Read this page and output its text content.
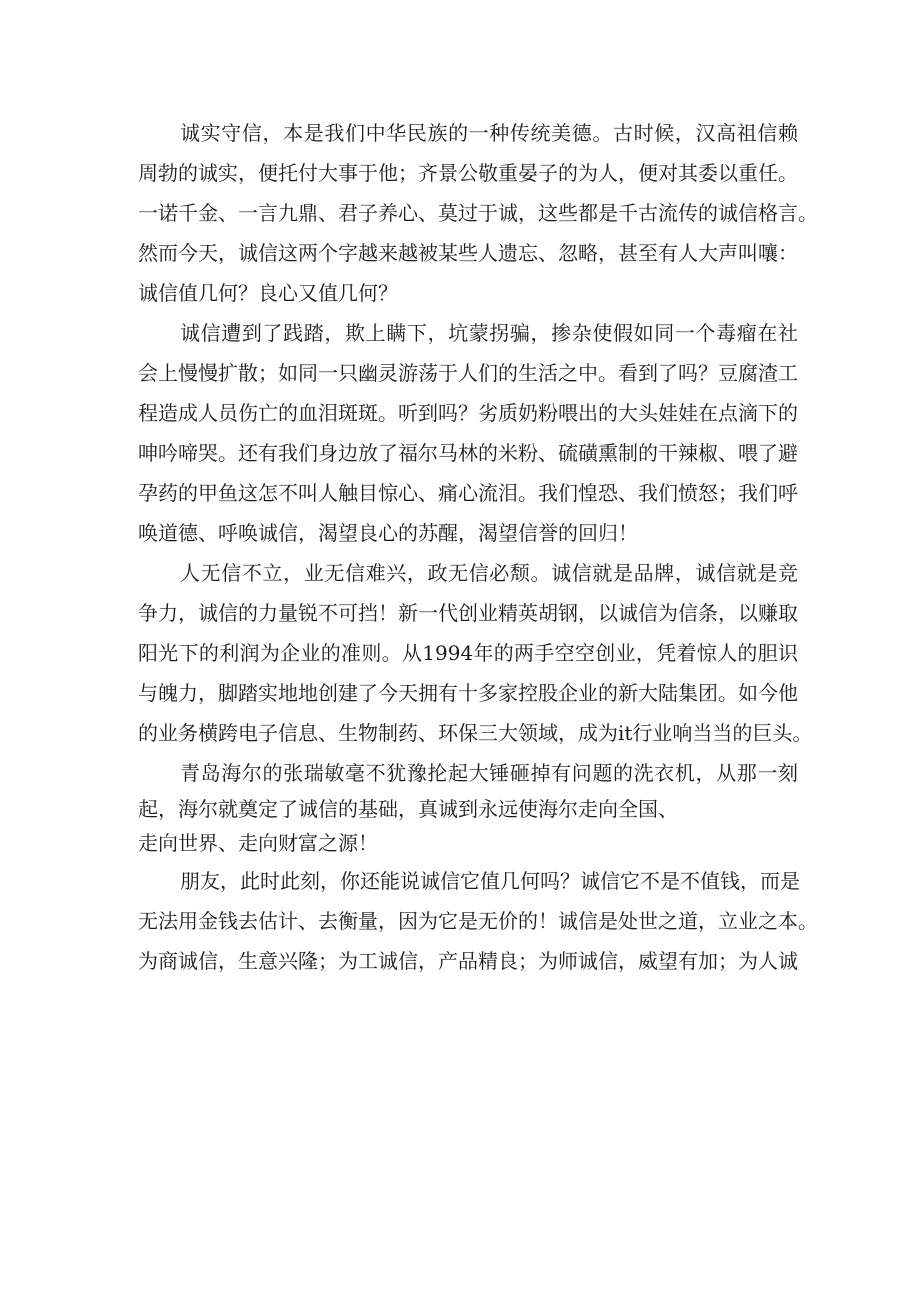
诚实守信，本是我们中华民族的一种传统美德。古时候，汉高祖信赖
周勃的诚实，便托付大事于他；齐景公敬重晏子的为人，便对其委以重任。
一诺千金、一言九鼎、君子养心、莫过于诚，这些都是千古流传的诚信格言。
然而今天，诚信这两个字越来越被某些人遗忘、忽略，甚至有人大声叫嚷：
诚信值几何？良心又值几何？
诚信遭到了践踏，欺上瞒下，坑蒙拐骗，掺杂使假如同一个毒瘤在社
会上慢慢扩散；如同一只幽灵游荡于人们的生活之中。看到了吗？豆腐渣工
程造成人员伤亡的血泪斑斑。听到吗？劣质奶粉喂出的大头娃娃在点滴下的
呻吟啼哭。还有我们身边放了福尔马林的米粉、硫磺熏制的干辣椒、喂了避
孕药的甲鱼这怎不叫人触目惊心、痛心流泪。我们惶恐、我们愤怒；我们呼
唤道德、呼唤诚信，渴望良心的苏醒，渴望信誉的回归！
人无信不立，业无信难兴，政无信必颓。诚信就是品牌，诚信就是竞
争力，诚信的力量锐不可挡！新一代创业精英胡钢，以诚信为信条，以赚取
阳光下的利润为企业的准则。从1994年的两手空空创业，凭着惊人的胆识
与魄力，脚踏实地地创建了今天拥有十多家控股企业的新大陆集团。如今他
的业务横跨电子信息、生物制药、环保三大领域，成为it行业响当当的巨头。
青岛海尔的张瑞敏毫不犹豫抡起大锤砸掉有问题的洗衣机，从那一刻
起，海尔就奠定了诚信的基础，真诚到永远使海尔走向全国、
走向世界、走向财富之源！
朋友，此时此刻，你还能说诚信它值几何吗？诚信它不是不值钱，而是
无法用金钱去估计、去衡量，因为它是无价的！诚信是处世之道，立业之本。
为商诚信，生意兴隆；为工诚信，产品精良；为师诚信，威望有加；为人诚
